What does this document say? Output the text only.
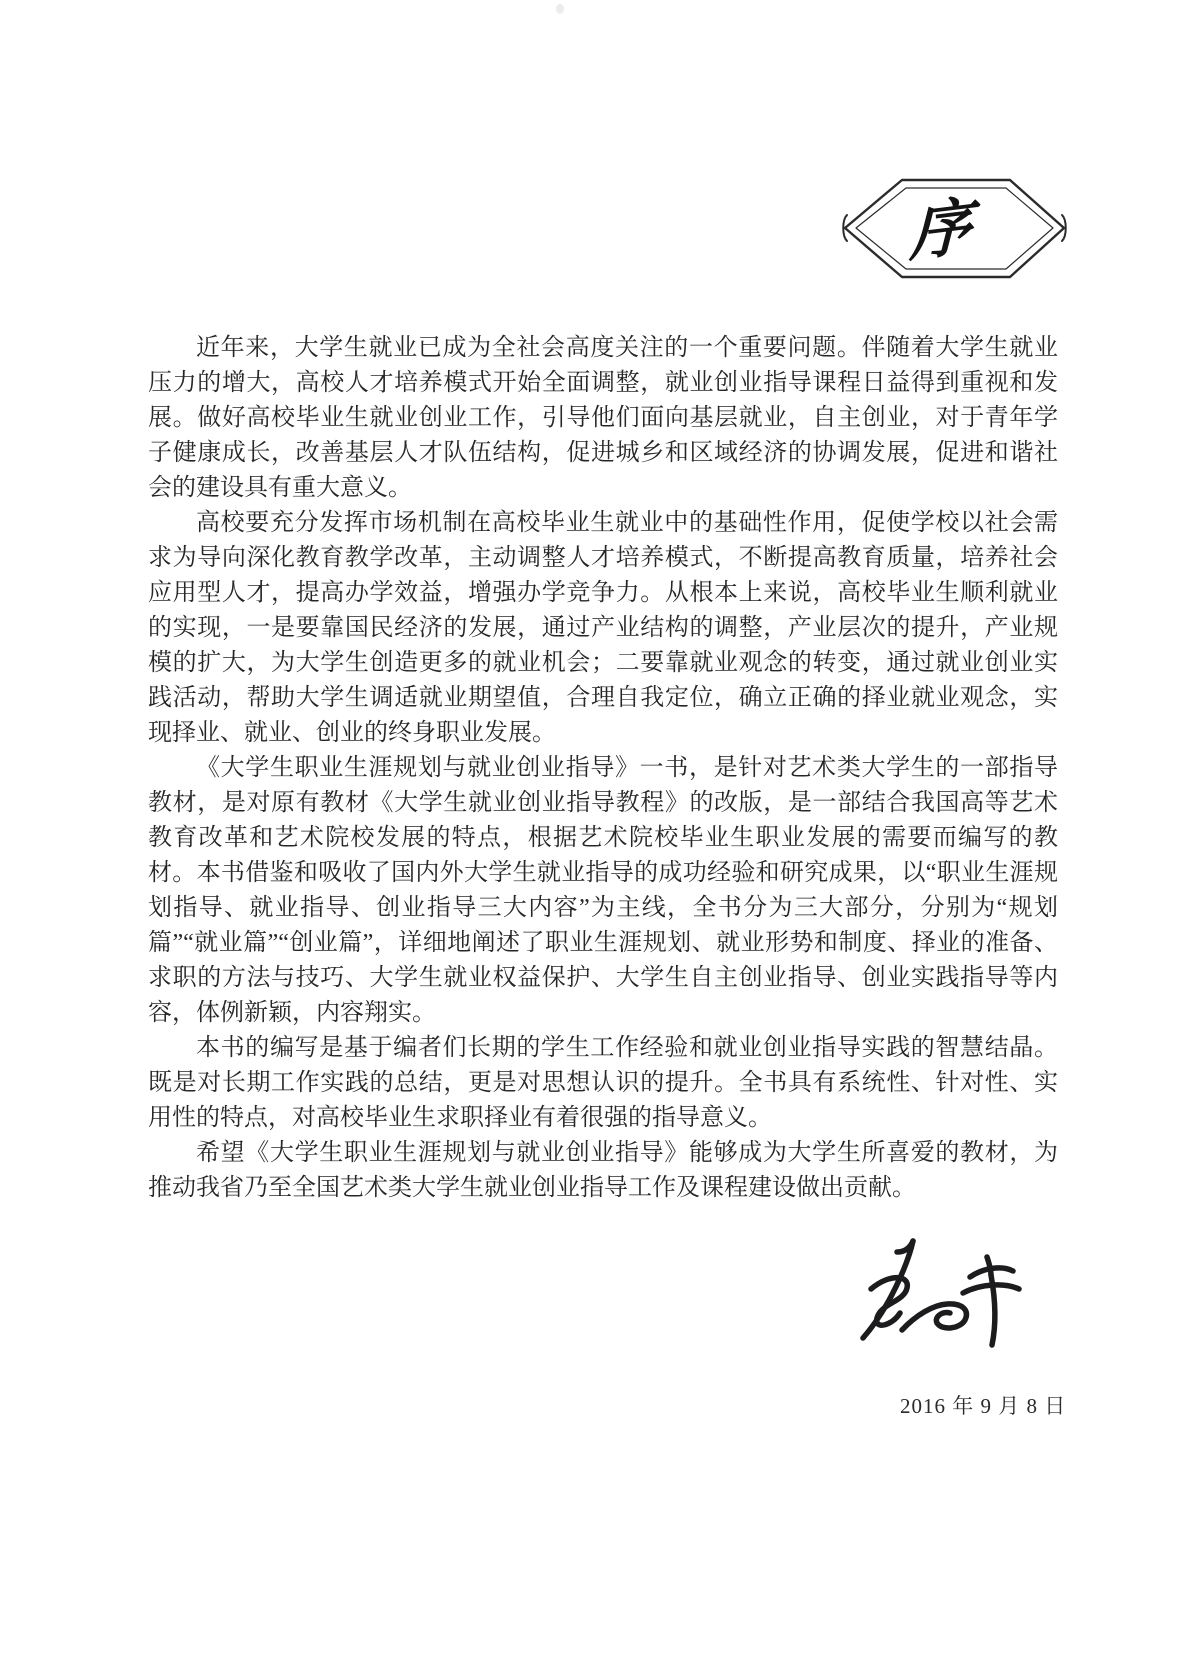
序

近年来，大学生就业已成为全社会高度关注的一个重要问题。伴随着大学生就业压力的增大，高校人才培养模式开始全面调整，就业创业指导课程日益得到重视和发展。做好高校毕业生就业创业工作，引导他们面向基层就业，自主创业，对于青年学子健康成长，改善基层人才队伍结构，促进城乡和区域经济的协调发展，促进和谐社会的建设具有重大意义。

高校要充分发挥市场机制在高校毕业生就业中的基础性作用，促使学校以社会需求为导向深化教育教学改革，主动调整人才培养模式，不断提高教育质量，培养社会应用型人才，提高办学效益，增强办学竞争力。从根本上来说，高校毕业生顺利就业的实现，一是要靠国民经济的发展，通过产业结构的调整，产业层次的提升，产业规模的扩大，为大学生创造更多的就业机会；二要靠就业观念的转变，通过就业创业实践活动，帮助大学生调适就业期望值，合理自我定位，确立正确的择业就业观念，实现择业、就业、创业的终身职业发展。

《大学生职业生涯规划与就业创业指导》一书，是针对艺术类大学生的一部指导教材，是对原有教材《大学生就业创业指导教程》的改版，是一部结合我国高等艺术教育改革和艺术院校发展的特点，根据艺术院校毕业生职业发展的需要而编写的教材。本书借鉴和吸收了国内外大学生就业指导的成功经验和研究成果，以“职业生涯规划指导、就业指导、创业指导三大内容”为主线，全书分为三大部分，分别为“规划篇”“就业篇”“创业篇”，详细地阐述了职业生涯规划、就业形势和制度、择业的准备、求职的方法与技巧、大学生就业权益保护、大学生自主创业指导、创业实践指导等内容，体例新颖，内容翔实。

本书的编写是基于编者们长期的学生工作经验和就业创业指导实践的智慧结晶。既是对长期工作实践的总结，更是对思想认识的提升。全书具有系统性、针对性、实用性的特点，对高校毕业生求职择业有着很强的指导意义。

希望《大学生职业生涯规划与就业创业指导》能够成为大学生所喜爱的教材，为推动我省乃至全国艺术类大学生就业创业指导工作及课程建设做出贡献。

2016 年 9 月 8 日
